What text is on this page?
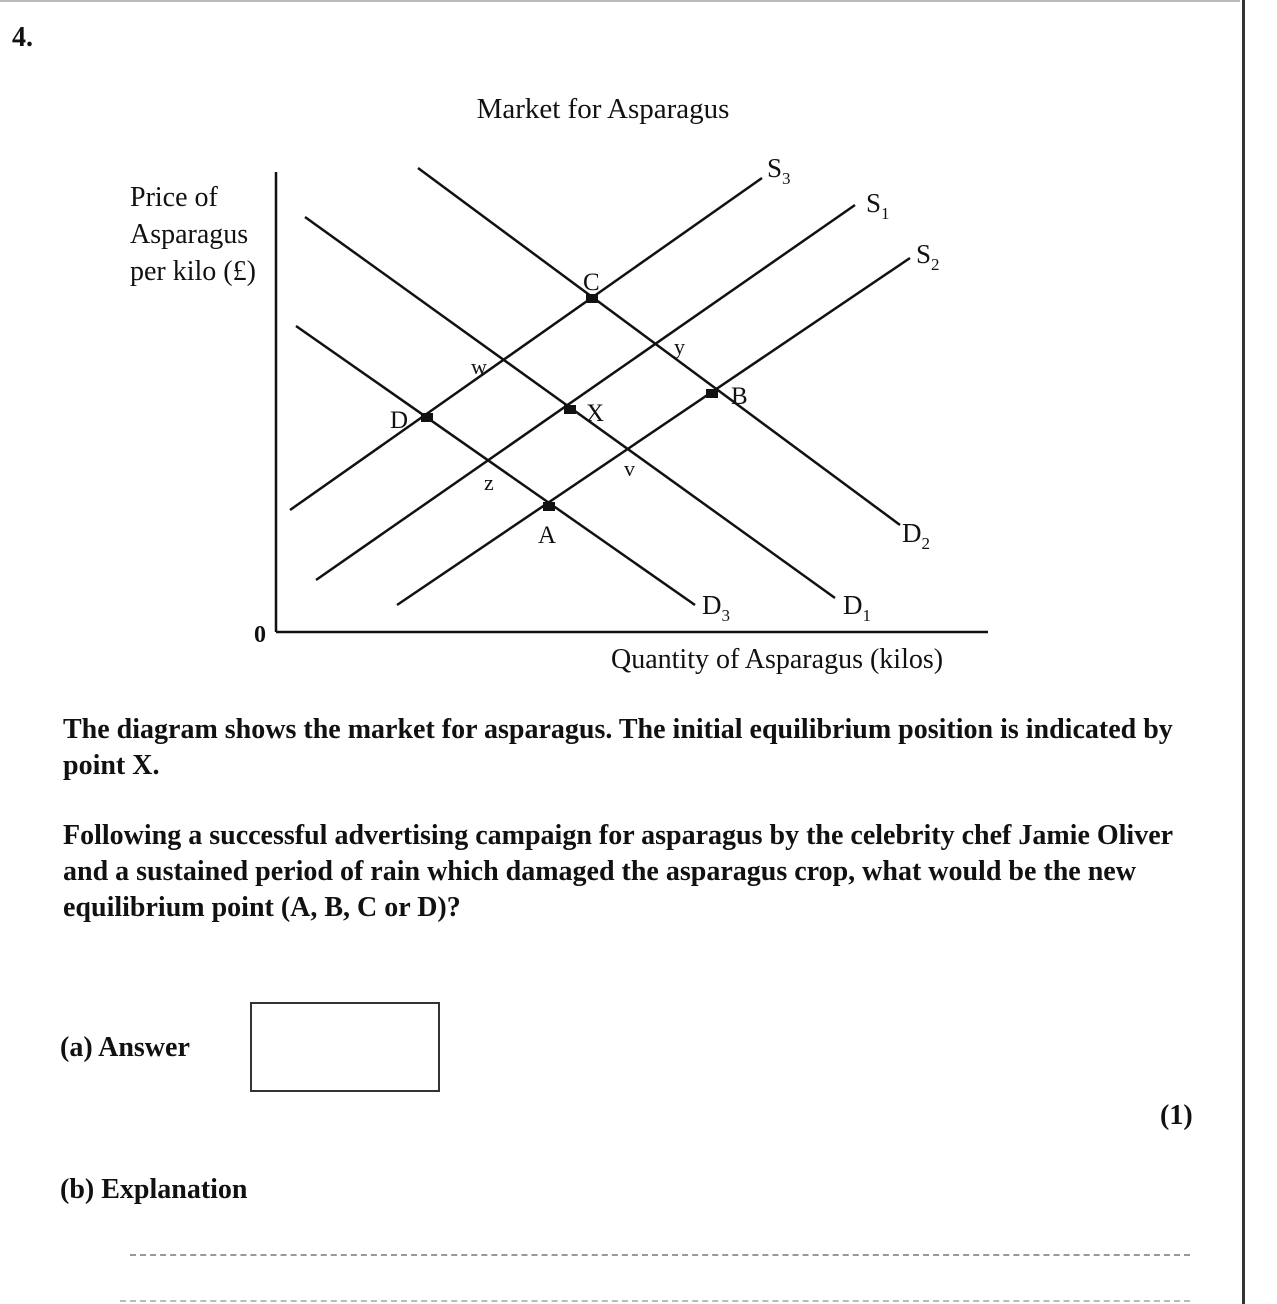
4.
Market for Asparagus
Price of
Asparagus
per kilo (£)
0
Quantity of Asparagus (kilos)
$S_3$
$S_1$
$S_2$
$D_2$
$D_1$
$D_3$
C
B
X
D
A
w
y
z
v
The diagram shows the market for asparagus. The initial equilibrium position is indicated by point X.
Following a successful advertising campaign for asparagus by the celebrity chef Jamie Oliver and a sustained period of rain which damaged the asparagus crop, what would be the new equilibrium point (A, B, C or D)?
(a) Answer
(1)
(b) Explanation
